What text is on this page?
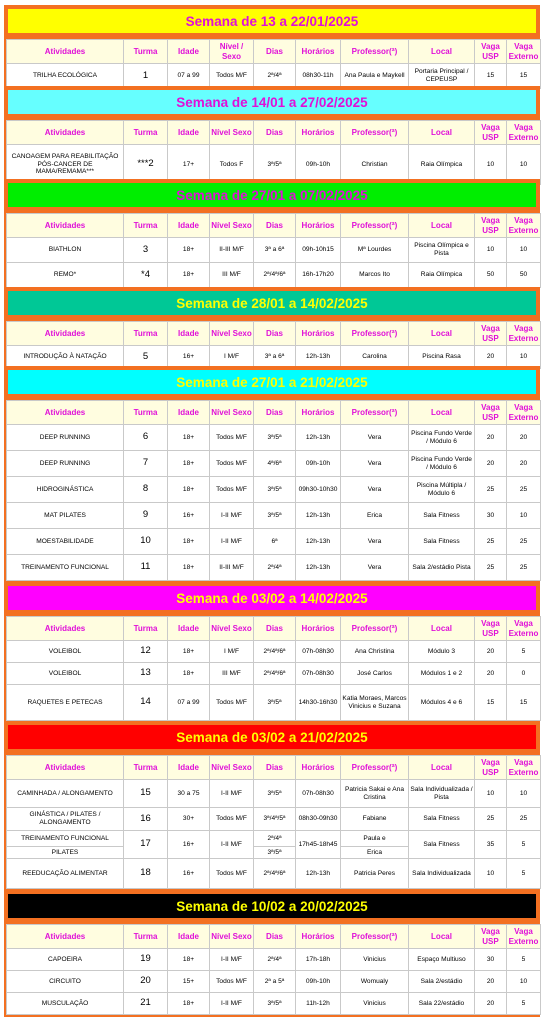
Semana de 13 a 22/01/2025
Atividades	Turma	Idade	Nível / Sexo	Dias	Horários	Professor(ª)	Local	Vaga USP	Vaga Externo
TRILHA ECOLÓGICA	1	07 a 99	Todos M/F	2ª/4ª	08h30-11h	Ana Paula e Maykell	Portaria Principal / CEPEUSP	15	15
Semana de 14/01 a 27/02/2025
Atividades	Turma	Idade	Nível Sexo	Dias	Horários	Professor(ª)	Local	Vaga USP	Vaga Externo
CANOAGEM PARA REABILITAÇÃO PÓS-CANCER DE MAMA/REMAMA***	***2	17+	Todos F	3ª/5ª	09h-10h	Christian	Raia Olímpica	10	10
Semana de 27/01 a 07/02/2025
Atividades	Turma	Idade	Nível Sexo	Dias	Horários	Professor(ª)	Local	Vaga USP	Vaga Externo
BIATHLON	3	18+	II-III M/F	3ª a 6ª	09h-10h15	Mª Lourdes	Piscina Olímpica e Pista	10	10
REMO*	*4	18+	III M/F	2ª/4ª/6ª	16h-17h20	Marcos Ito	Raia Olímpica	50	50
Semana de 28/01 a 14/02/2025
Atividades	Turma	Idade	Nível Sexo	Dias	Horários	Professor(ª)	Local	Vaga USP	Vaga Externo
INTRODUÇÃO À NATAÇÃO	5	16+	I M/F	3ª a 6ª	12h-13h	Carolina	Piscina Rasa	20	10
Semana de 27/01 a 21/02/2025
Atividades	Turma	Idade	Nível Sexo	Dias	Horários	Professor(ª)	Local	Vaga USP	Vaga Externo
DEEP RUNNING	6	18+	Todos M/F	3ª/5ª	12h-13h	Vera	Piscina Fundo Verde / Módulo 6	20	20
DEEP RUNNING	7	18+	Todos M/F	4ª/6ª	09h-10h	Vera	Piscina Fundo Verde / Módulo 6	20	20
HIDROGINÁSTICA	8	18+	Todos M/F	3ª/5ª	09h30-10h30	Vera	Piscina Múltipla / Módulo 6	25	25
MAT PILATES	9	16+	I-II M/F	3ª/5ª	12h-13h	Erica	Sala Fitness	30	10
MOESTABILIDADE	10	18+	I-II M/F	6ª	12h-13h	Vera	Sala Fitness	25	25
TREINAMENTO FUNCIONAL	11	18+	II-III M/F	2ª/4ª	12h-13h	Vera	Sala 2/estádio Pista	25	25
Semana de 03/02 a 14/02/2025
Atividades	Turma	Idade	Nível Sexo	Dias	Horários	Professor(ª)	Local	Vaga USP	Vaga Externo
VOLEIBOL	12	18+	I M/F	2ª/4ª/6ª	07h-08h30	Ana Christina	Módulo 3	20	5
VOLEIBOL	13	18+	III M/F	2ª/4ª/6ª	07h-08h30	José Carlos	Módulos 1 e 2	20	0
RAQUETES E PETECAS	14	07 a 99	Todos M/F	3ª/5ª	14h30-16h30	Katia Moraes, Marcos Vinicius e Suzana	Módulos 4 e 6	15	15
Semana de 03/02 a 21/02/2025
Atividades	Turma	Idade	Nível Sexo	Dias	Horários	Professor(ª)	Local	Vaga USP	Vaga Externo
CAMINHADA / ALONGAMENTO	15	30 a 75	I-II M/F	3ª/5ª	07h-08h30	Patricia Sakai e Ana Cristina	Sala Individualizada / Pista	10	10
GINÁSTICA / PILATES / ALONGAMENTO	16	30+	Todos M/F	3ª/4ª/5ª	08h30-09h30	Fabiane	Sala Fitness	25	25
TREINAMENTO FUNCIONAL	17	16+	I-II M/F	2ª/4ª	17h45-18h45	Paula e	Sala Fitness	35	5
PILATES				3ª/5ª		Erica			
REEDUCAÇÃO ALIMENTAR	18	16+	Todos M/F	2ª/4ª/6ª	12h-13h	Patricia Peres	Sala Individualizada	10	5
Semana de 10/02 a 20/02/2025
Atividades	Turma	Idade	Nível Sexo	Dias	Horários	Professor(ª)	Local	Vaga USP	Vaga Externo
CAPOEIRA	19	18+	I-II M/F	2ª/4ª	17h-18h	Vinicius	Espaço Multiuso	30	5
CIRCUITO	20	15+	Todos M/F	2ª a 5ª	09h-10h	Womualy	Sala 2/estádio	20	10
MUSCULAÇÃO	21	18+	I-II M/F	3ª/5ª	11h-12h	Vinicius	Sala 22/estádio	20	5
